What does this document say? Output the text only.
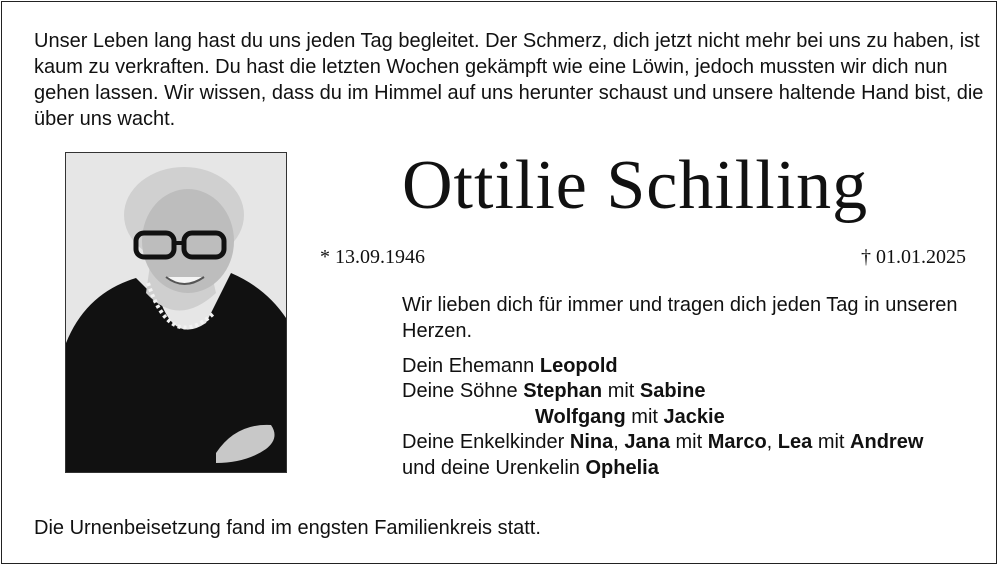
Unser Leben lang hast du uns jeden Tag begleitet. Der Schmerz, dich jetzt nicht mehr bei uns zu haben, ist kaum zu verkraften. Du hast die letzten Wochen gekämpft wie eine Löwin, jedoch mussten wir dich nun gehen lassen. Wir wissen, dass du im Himmel auf uns herunter schaust und unsere haltende Hand bist, die über uns wacht.

Ottilie Schilling
* 13.09.1946	† 01.01.2025

Wir lieben dich für immer und tragen dich jeden Tag in unseren Herzen.

Dein Ehemann Leopold
Deine Söhne Stephan mit Sabine
Wolfgang mit Jackie
Deine Enkelkinder Nina, Jana mit Marco, Lea mit Andrew
und deine Urenkelin Ophelia

Die Urnenbeisetzung fand im engsten Familienkreis statt.
